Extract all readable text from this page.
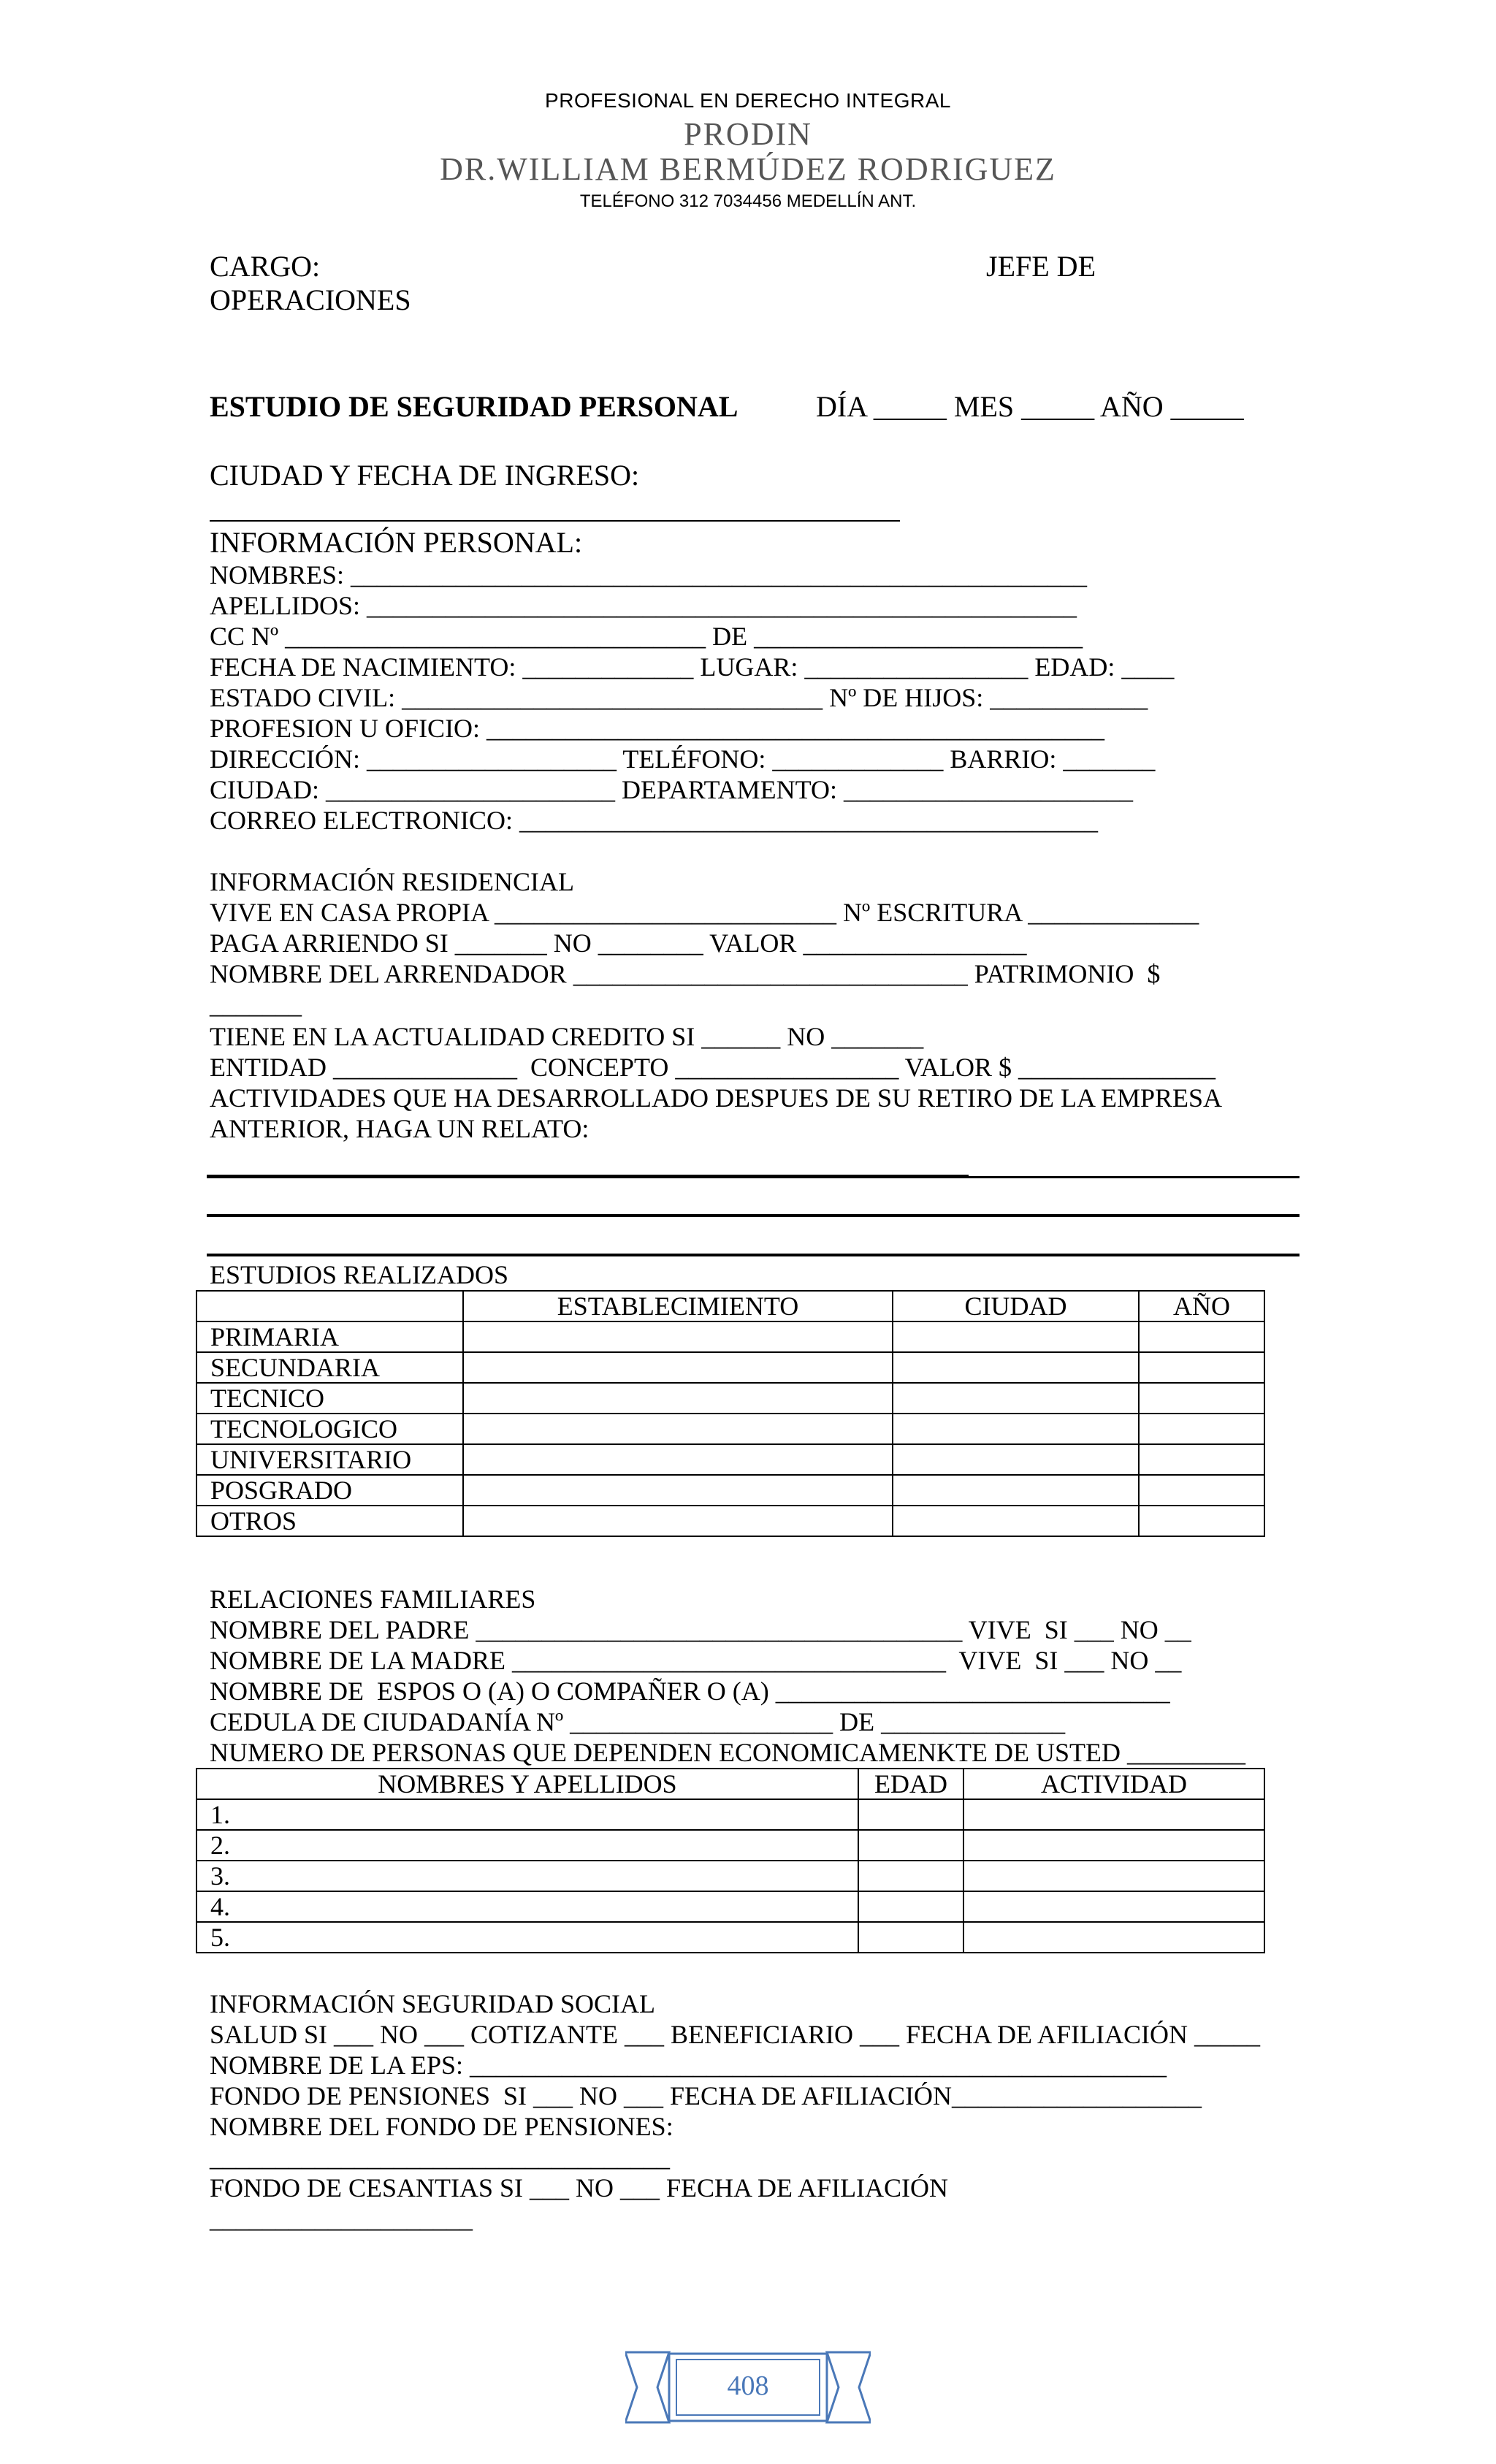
PROFESIONAL EN DERECHO INTEGRAL
PRODIN
DR.WILLIAM BERMÚDEZ RODRIGUEZ
TELÉFONO 312 7034456 MEDELLÍN ANT.
CARGO:	JEFE DE
OPERACIONES
ESTUDIO DE SEGURIDAD PERSONAL	DÍA _____ MES _____ AÑO _____
CIUDAD Y FECHA DE INGRESO:
INFORMACIÓN PERSONAL:
NOMBRES: ________________________________________________________
APELLIDOS: ______________________________________________________
CC Nº ________________________________ DE _________________________
FECHA DE NACIMIENTO: _____________ LUGAR: _________________ EDAD: ____
ESTADO CIVIL: ________________________________ Nº DE HIJOS: ____________
PROFESION U OFICIO: _______________________________________________
DIRECCIÓN: ___________________ TELÉFONO: _____________ BARRIO: _______
CIUDAD: ______________________ DEPARTAMENTO: ______________________
CORREO ELECTRONICO: ____________________________________________
INFORMACIÓN RESIDENCIAL
VIVE EN CASA PROPIA __________________________ Nº ESCRITURA _____________
PAGA ARRIENDO SI _______ NO ________ VALOR _________________
NOMBRE DEL ARRENDADOR ______________________________ PATRIMONIO  $
_______
TIENE EN LA ACTUALIDAD CREDITO SI ______ NO _______
ENTIDAD ______________  CONCEPTO _________________ VALOR $ _______________
ACTIVIDADES QUE HA DESARROLLADO DESPUES DE SU RETIRO DE LA EMPRESA
ANTERIOR, HAGA UN RELATO:
ESTUDIOS REALIZADOS
	ESTABLECIMIENTO	CIUDAD	AÑO
PRIMARIA			
SECUNDARIA			
TECNICO			
TECNOLOGICO			
UNIVERSITARIO			
POSGRADO			
OTROS			
RELACIONES FAMILIARES
NOMBRE DEL PADRE _____________________________________ VIVE  SI ___ NO __
NOMBRE DE LA MADRE _________________________________  VIVE  SI ___ NO __
NOMBRE DE  ESPOS O (A) O COMPAÑER O (A) ______________________________
CEDULA DE CIUDADANÍA Nº ____________________ DE ______________
NUMERO DE PERSONAS QUE DEPENDEN ECONOMICAMENKTE DE USTED _________
NOMBRES Y APELLIDOS	EDAD	ACTIVIDAD
1.		
2.		
3.		
4.		
5.		
INFORMACIÓN SEGURIDAD SOCIAL
SALUD SI ___ NO ___ COTIZANTE ___ BENEFICIARIO ___ FECHA DE AFILIACIÓN _____
NOMBRE DE LA EPS: _____________________________________________________
FONDO DE PENSIONES  SI ___ NO ___ FECHA DE AFILIACIÓN___________________
NOMBRE DEL FONDO DE PENSIONES:
___________________________________
FONDO DE CESANTIAS SI ___ NO ___ FECHA DE AFILIACIÓN
____________________
408
